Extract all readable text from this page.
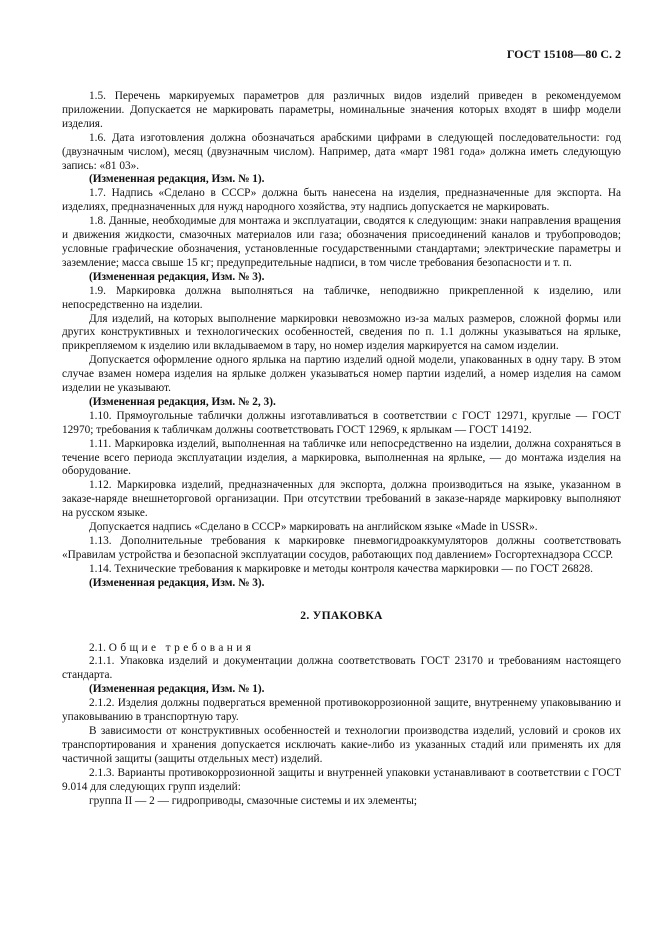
ГОСТ 15108—80 С. 2

1.5. Перечень маркируемых параметров для различных видов изделий приведен в рекомендуемом приложении. Допускается не маркировать параметры, номинальные значения которых входят в шифр модели изделия.

1.6. Дата изготовления должна обозначаться арабскими цифрами в следующей последовательности: год (двузначным числом), месяц (двузначным числом). Например, дата «март 1981 года» должна иметь следующую запись: «81 03».

(Измененная редакция, Изм. № 1).

1.7. Надпись «Сделано в СССР» должна быть нанесена на изделия, предназначенные для экспорта. На изделиях, предназначенных для нужд народного хозяйства, эту надпись допускается не маркировать.

1.8. Данные, необходимые для монтажа и эксплуатации, сводятся к следующим: знаки направления вращения и движения жидкости, смазочных материалов или газа; обозначения присоединений каналов и трубопроводов; условные графические обозначения, установленные государственными стандартами; электрические параметры и заземление; масса свыше 15 кг; предупредительные надписи, в том числе требования безопасности и т. п.

(Измененная редакция, Изм. № 3).

1.9. Маркировка должна выполняться на табличке, неподвижно прикрепленной к изделию, или непосредственно на изделии.

Для изделий, на которых выполнение маркировки невозможно из-за малых размеров, сложной формы или других конструктивных и технологических особенностей, сведения по п. 1.1 должны указываться на ярлыке, прикрепляемом к изделию или вкладываемом в тару, но номер изделия маркируется на самом изделии.

Допускается оформление одного ярлыка на партию изделий одной модели, упакованных в одну тару. В этом случае взамен номера изделия на ярлыке должен указываться номер партии изделий, а номер изделия на самом изделии не указывают.

(Измененная редакция, Изм. № 2, 3).

1.10. Прямоугольные таблички должны изготавливаться в соответствии с ГОСТ 12971, круглые — ГОСТ 12970; требования к табличкам должны соответствовать ГОСТ 12969, к ярлыкам — ГОСТ 14192.

1.11. Маркировка изделий, выполненная на табличке или непосредственно на изделии, должна сохраняться в течение всего периода эксплуатации изделия, а маркировка, выполненная на ярлыке, — до монтажа изделия на оборудование.

1.12. Маркировка изделий, предназначенных для экспорта, должна производиться на языке, указанном в заказе-наряде внешнеторговой организации. При отсутствии требований в заказе-наряде маркировку выполняют на русском языке.

Допускается надпись «Сделано в СССР» маркировать на английском языке «Made in USSR».

1.13. Дополнительные требования к маркировке пневмогидроаккумуляторов должны соответствовать «Правилам устройства и безопасной эксплуатации сосудов, работающих под давлением» Госгортехнадзора СССР.

1.14. Технические требования к маркировке и методы контроля качества маркировки — по ГОСТ 26828.

(Измененная редакция, Изм. № 3).

2. УПАКОВКА

2.1. Общие требования

2.1.1. Упаковка изделий и документации должна соответствовать ГОСТ 23170 и требованиям настоящего стандарта.

(Измененная редакция, Изм. № 1).

2.1.2. Изделия должны подвергаться временной противокоррозионной защите, внутреннему упаковыванию и упаковыванию в транспортную тару.

В зависимости от конструктивных особенностей и технологии производства изделий, условий и сроков их транспортирования и хранения допускается исключать какие-либо из указанных стадий или применять их для частичной защиты (защиты отдельных мест) изделий.

2.1.3. Варианты противокоррозионной защиты и внутренней упаковки устанавливают в соответствии с ГОСТ 9.014 для следующих групп изделий:

группа II — 2 — гидроприводы, смазочные системы и их элементы;
